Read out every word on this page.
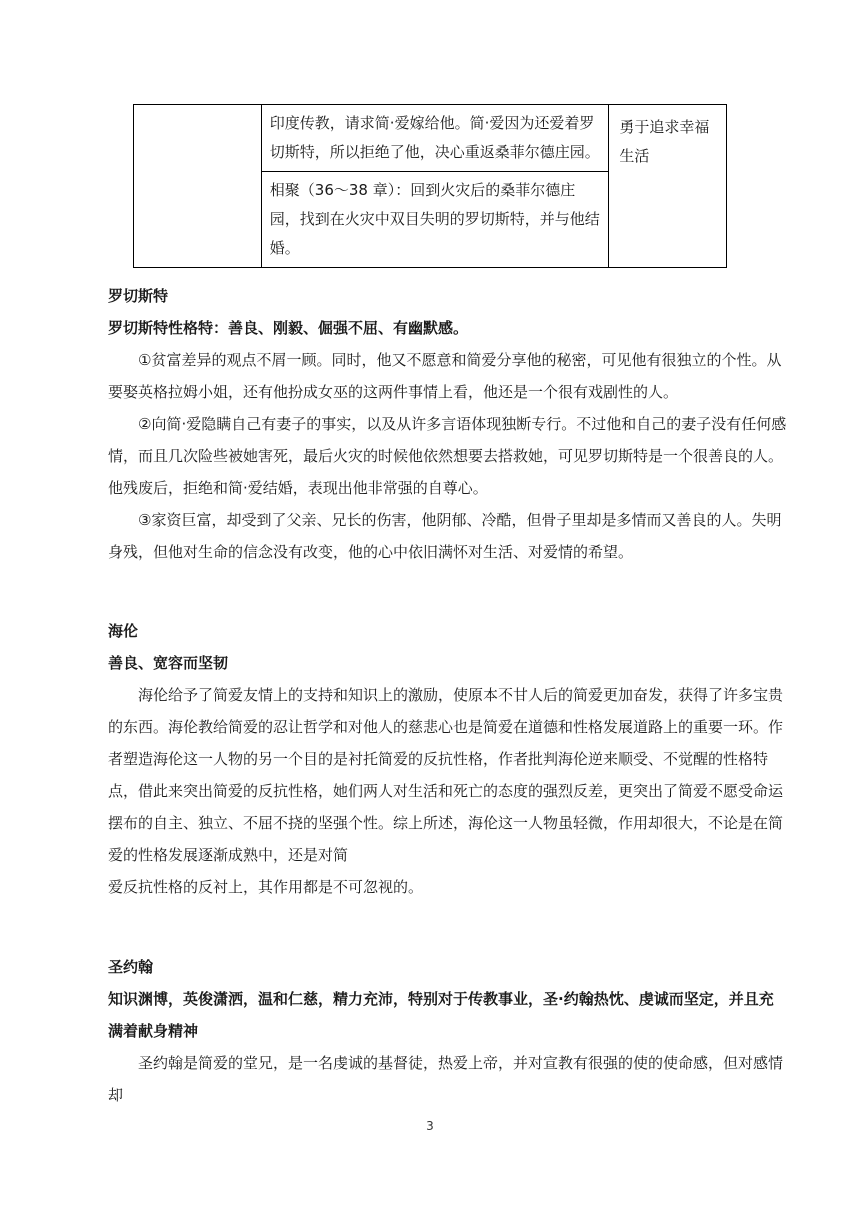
	印度传教，请求简·爱嫁给他。简·爱因为还爱着罗切斯特，所以拒绝了他，决心重返桑菲尔德庄园。	勇于追求幸福生活
相聚（36～38 章）：回到火灾后的桑菲尔德庄园，找到在火灾中双目失明的罗切斯特，并与他结婚。
罗切斯特
罗切斯特性格特：善良、刚毅、倔强不屈、有幽默感。
①贫富差异的观点不屑一顾。同时，他又不愿意和简爱分享他的秘密，可见他有很独立的个性。从要娶英格拉姆小姐，还有他扮成女巫的这两件事情上看，他还是一个很有戏剧性的人。
②向简·爱隐瞒自己有妻子的事实，以及从许多言语体现独断专行。不过他和自己的妻子没有任何感情，而且几次险些被她害死，最后火灾的时候他依然想要去搭救她，可见罗切斯特是一个很善良的人。他残废后，拒绝和简·爱结婚，表现出他非常强的自尊心。
③家资巨富，却受到了父亲、兄长的伤害，他阴郁、冷酷，但骨子里却是多情而又善良的人。失明身残，但他对生命的信念没有改变，他的心中依旧满怀对生活、对爱情的希望。
海伦
善良、宽容而坚韧
海伦给予了简爱友情上的支持和知识上的激励，使原本不甘人后的简爱更加奋发，获得了许多宝贵的东西。海伦教给简爱的忍让哲学和对他人的慈悲心也是简爱在道德和性格发展道路上的重要一环。作者塑造海伦这一人物的另一个目的是衬托简爱的反抗性格，作者批判海伦逆来顺受、不觉醒的性格特点，借此来突出简爱的反抗性格，她们两人对生活和死亡的态度的强烈反差，更突出了简爱不愿受命运摆布的自主、独立、不屈不挠的坚强个性。综上所述，海伦这一人物虽轻微，作用却很大，不论是在简爱的性格发展逐渐成熟中，还是对简
爱反抗性格的反衬上，其作用都是不可忽视的。
圣约翰
知识渊博，英俊潇洒，温和仁慈，精力充沛，特别对于传教事业，圣·约翰热忱、虔诚而坚定，并且充满着献身精神
圣约翰是简爱的堂兄，是一名虔诚的基督徒，热爱上帝，并对宣教有很强的使的使命感，但对感情却
3
